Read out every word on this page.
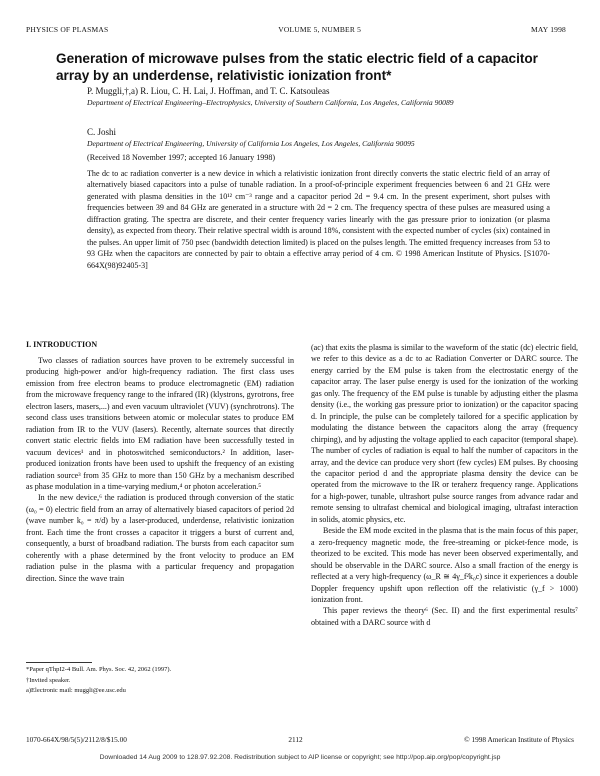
PHYSICS OF PLASMAS	VOLUME 5, NUMBER 5	MAY 1998
Generation of microwave pulses from the static electric field of a capacitor array by an underdense, relativistic ionization front*
P. Muggli,†,a) R. Liou, C. H. Lai, J. Hoffman, and T. C. Katsouleas
Department of Electrical Engineering–Electrophysics, University of Southern California, Los Angeles, California 90089
C. Joshi
Department of Electrical Engineering, University of California Los Angeles, Los Angeles, California 90095
(Received 18 November 1997; accepted 16 January 1998)
The dc to ac radiation converter is a new device in which a relativistic ionization front directly converts the static electric field of an array of alternatively biased capacitors into a pulse of tunable radiation. In a proof-of-principle experiment frequencies between 6 and 21 GHz were generated with plasma densities in the 10¹² cm⁻³ range and a capacitor period 2d = 9.4 cm. In the present experiment, short pulses with frequencies between 39 and 84 GHz are generated in a structure with 2d = 2 cm. The frequency spectra of these pulses are measured using a diffraction grating. The spectra are discrete, and their center frequency varies linearly with the gas pressure prior to ionization (or plasma density), as expected from theory. Their relative spectral width is around 18%, consistent with the expected number of cycles (six) contained in the pulses. An upper limit of 750 psec (bandwidth detection limited) is placed on the pulses length. The emitted frequency increases from 53 to 93 GHz when the capacitors are connected by pair to obtain a effective array period of 4 cm. © 1998 American Institute of Physics. [S1070-664X(98)92405-3]
I. INTRODUCTION

Two classes of radiation sources have proven to be extremely successful in producing high-power and/or high-frequency radiation. The first class uses emission from free electron beams to produce electromagnetic (EM) radiation from the microwave frequency range to the infrared (IR) (klystrons, gyrotrons, free electron lasers, masers,...) and even vacuum ultraviolet (VUV) (synchrotrons). The second class uses transitions between atomic or molecular states to produce EM radiation from IR to the VUV (lasers). Recently, alternate sources that directly convert static electric fields into EM radiation have been successfully tested in vacuum devices¹ and in photoswitched semiconductors.² In addition, laser-produced ionization fronts have been used to upshift the frequency of an existing radiation source³ from 35 GHz to more than 150 GHz by a mechanism described as phase modulation in a time-varying medium,⁴ or photon acceleration.⁵

In the new device,⁶ the radiation is produced through conversion of the static (ω₀ = 0) electric field from an array of alternatively biased capacitors of period 2d (wave number k₀ = π/d) by a laser-produced, underdense, relativistic ionization front. Each time the front crosses a capacitor it triggers a burst of current and, consequently, a burst of broadband radiation. The bursts from each capacitor sum coherently with a phase determined by the front velocity to produce an EM radiation pulse in the plasma with a particular frequency and propagation direction. Since the wave train

*Paper qThpI2-4 Bull. Am. Phys. Soc. 42, 2062 (1997).
†Invited speaker.
a)Electronic mail: muggli@ee.usc.edu

(ac) that exits the plasma is similar to the waveform of the static (dc) electric field, we refer to this device as a dc to ac Radiation Converter or DARC source. The energy carried by the EM pulse is taken from the electrostatic energy of the capacitor array. The laser pulse energy is used for the ionization of the working gas only. The frequency of the EM pulse is tunable by adjusting either the plasma density (i.e., the working gas pressure prior to ionization) or the capacitor spacing d. In principle, the pulse can be completely tailored for a specific application by modulating the distance between the capacitors along the array (frequency chirping), and by adjusting the voltage applied to each capacitor (temporal shape). The number of cycles of radiation is equal to half the number of capacitors in the array, and the device can produce very short (few cycles) EM pulses. By choosing the capacitor period d and the appropriate plasma density the device can be operated from the microwave to the IR or teraherz frequency range. Applications for a high-power, tunable, ultrashort pulse source ranges from advance radar and remote sensing to ultrafast chemical and biological imaging, ultrafast interaction in solids, atomic physics, etc.

Beside the EM mode excited in the plasma that is the main focus of this paper, a zero-frequency magnetic mode, the free-streaming or picket-fence mode, is theorized to be excited. This mode has never been observed experimentally, and should be observable in the DARC source. Also a small fraction of the energy is reflected at a very high-frequency (ω_R ≅ 4γ_f²k₀c) since it experiences a double Doppler frequency upshift upon reflection off the relativistic (γ_f > 1000) ionization front.

This paper reviews the theory⁶ (Sec. II) and the first experimental results⁷ obtained with a DARC source with d

1070-664X/98/5(5)/2112/8/$15.00	2112	© 1998 American Institute of Physics
Downloaded 14 Aug 2009 to 128.97.92.208. Redistribution subject to AIP license or copyright; see http://pop.aip.org/pop/copyright.jsp
